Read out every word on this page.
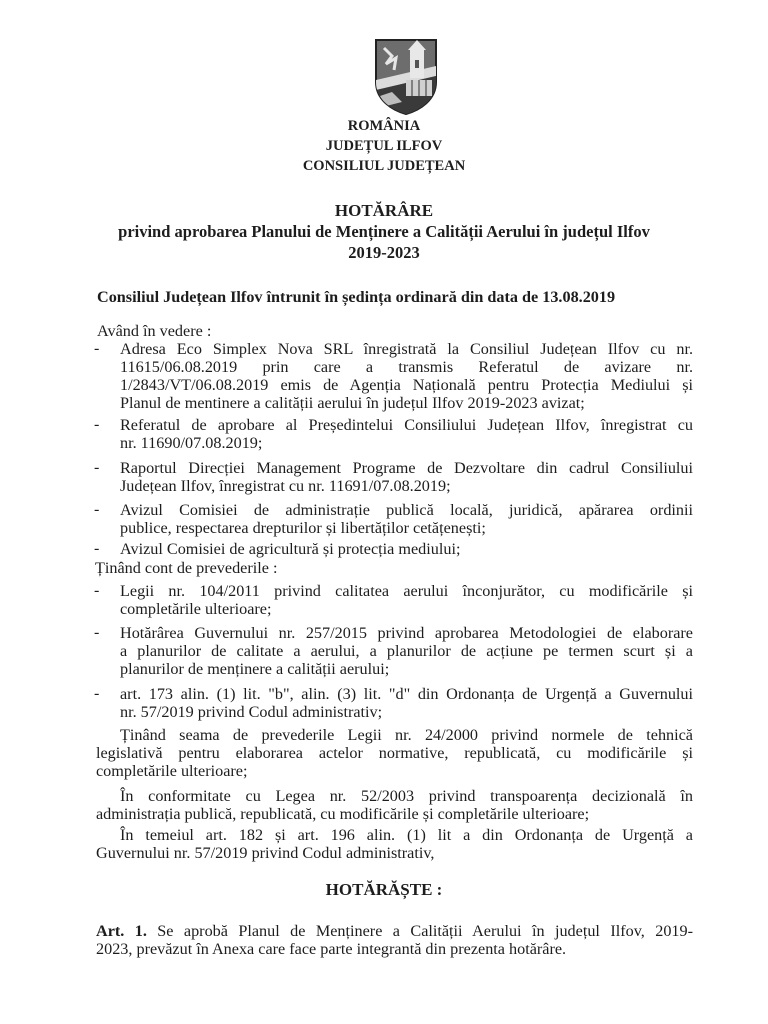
ROMÂNIA
JUDEȚUL ILFOV
CONSILIUL JUDEȚEAN
HOTĂRÂRE
privind aprobarea Planului de Menținere a Calității Aerului în județul Ilfov
2019-2023
Consiliul Județean Ilfov întrunit în ședința ordinară din data de 13.08.2019
Având în vedere :
- Adresa Eco Simplex Nova SRL înregistrată la Consiliul Județean Ilfov cu nr.
11615/06.08.2019 prin care a transmis Referatul de avizare nr.
1/2843/VT/06.08.2019 emis de Agenția Națională pentru Protecția Mediului și
Planul de mentinere a calității aerului în județul Ilfov 2019-2023 avizat;
- Referatul de aprobare al Președintelui Consiliului Județean Ilfov, înregistrat cu
nr. 11690/07.08.2019;
- Raportul Direcției Management Programe de Dezvoltare din cadrul Consiliului
Județean Ilfov, înregistrat cu nr. 11691/07.08.2019;
- Avizul Comisiei de administrație publică locală, juridică, apărarea ordinii
publice, respectarea drepturilor și libertăților cetățenești;
- Avizul Comisiei de agricultură și protecția mediului;
Ținând cont de prevederile :
- Legii nr. 104/2011 privind calitatea aerului înconjurător, cu modificările și
completările ulterioare;
- Hotărârea Guvernului nr. 257/2015 privind aprobarea Metodologiei de elaborare
a planurilor de calitate a aerului, a planurilor de acțiune pe termen scurt și a
planurilor de menținere a calității aerului;
- art. 173 alin. (1) lit. "b", alin. (3) lit. "d" din Ordonanța de Urgență a Guvernului
nr. 57/2019 privind Codul administrativ;
Ținând seama de prevederile Legii nr. 24/2000 privind normele de tehnică
legislativă pentru elaborarea actelor normative, republicată, cu modificările și
completările ulterioare;
În conformitate cu Legea nr. 52/2003 privind transpoarența decizională în
administrația publică, republicată, cu modificările și completările ulterioare;
În temeiul art. 182 și art. 196 alin. (1) lit a din Ordonanța de Urgență a
Guvernului nr. 57/2019 privind Codul administrativ,
HOTĂRĂȘTE :
Art. 1. Se aprobă Planul de Menținere a Calității Aerului în județul Ilfov, 2019-
2023, prevăzut în Anexa care face parte integrantă din prezenta hotărâre.
